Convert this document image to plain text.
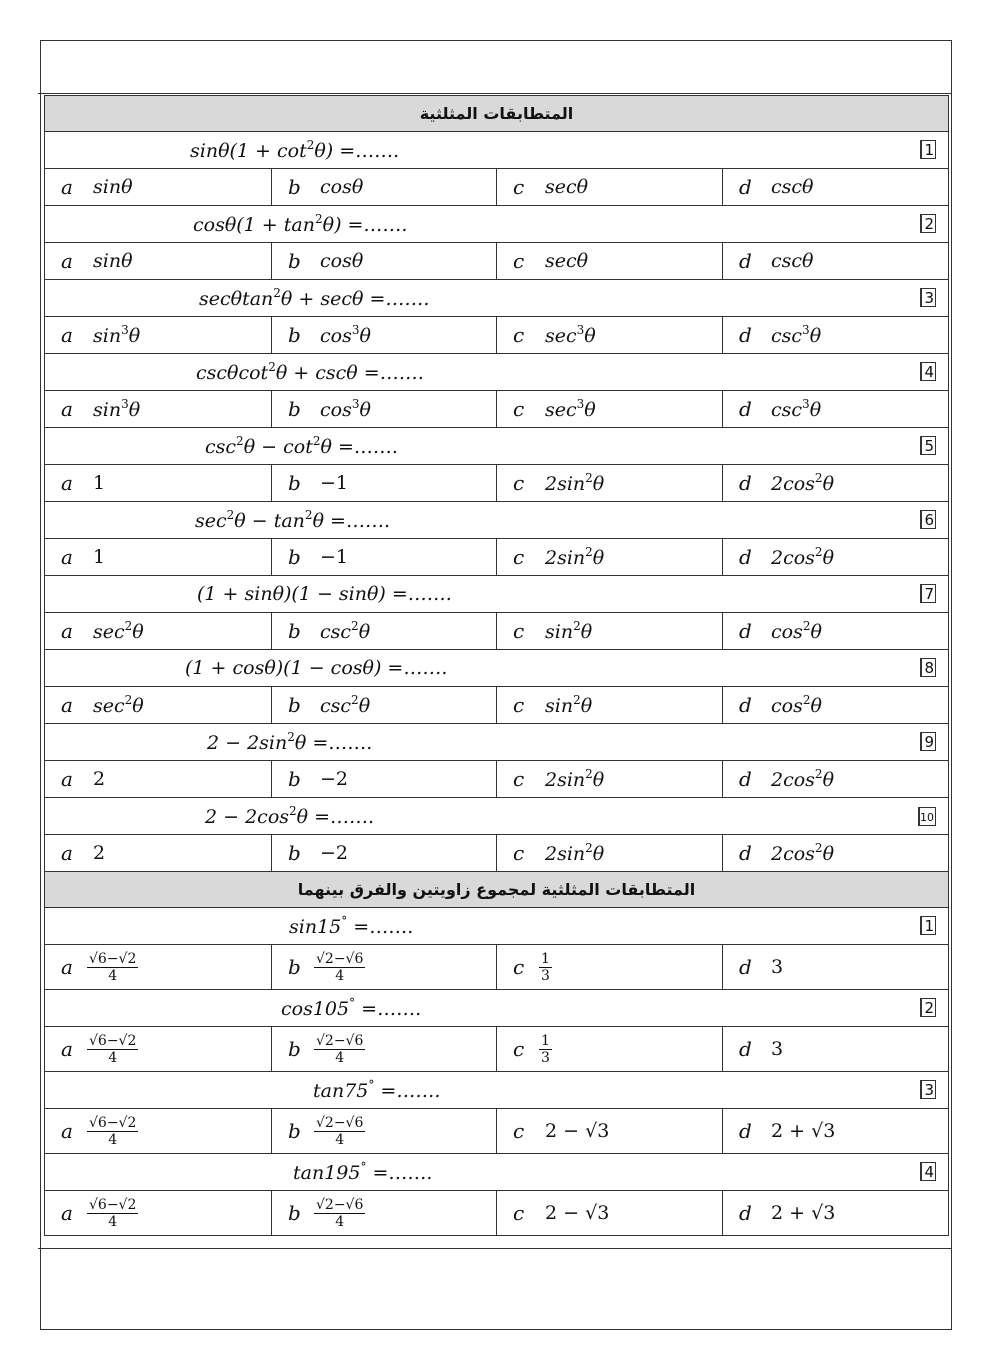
المتطابقات المثلثية			
$\sin\theta(1 + \cot^2\theta)$ =……. 1			

a sinθ	b cosθ	c secθ	d cscθ

$\cos\theta(1 + \tan^2\theta)$ =……. 2			

a sinθ	b cosθ	c secθ	d cscθ

secθtan$^2$θ + secθ =……. 3			

a $\sin^3\theta$	b $\cos^3\theta$	c $\sec^3\theta$	d $\csc^3\theta$

cscθcot$^2$θ + cscθ =……. 4			

a $\sin^3\theta$	b $\cos^3\theta$	c $\sec^3\theta$	d $\csc^3\theta$

$\csc^2\theta - \cot^2\theta$ =……. 5			

a 1	b −1	c $2\sin^2\theta$	d $2\cos^2\theta$

$\sec^2\theta - \tan^2\theta$ =……. 6			

a 1	b −1	c $2\sin^2\theta$	d $2\cos^2\theta$

(1 + sinθ)(1 − sinθ) =……. 7			

a $\sec^2\theta$	b $\csc^2\theta$	c $\sin^2\theta$	d $\cos^2\theta$

(1 + cosθ)(1 − cosθ) =……. 8			

a $\sec^2\theta$	b $\csc^2\theta$	c $\sin^2\theta$	d $\cos^2\theta$

$2 - 2\sin^2\theta$ =……. 9			

a 2	b −2	c $2\sin^2\theta$	d $2\cos^2\theta$

$2 - 2\cos^2\theta$ =……. 10			

a 2	b −2	c $2\sin^2\theta$	d $2\cos^2\theta$

المتطابقات المثلثية لمجموع زاويتين والفرق بينهما			
sin15° =……. 1			

a $\frac{√6-√2}{4}$	b $\frac{√2-√6}{4}$	c $\frac{1}{3}$	d 3

cos105° =……. 2			

a $\frac{√6-√2}{4}$	b $\frac{√2-√6}{4}$	c $\frac{1}{3}$	d 3

tan75° =……. 3			

a $\frac{√6-√2}{4}$	b $\frac{√2-√6}{4}$	c 2 − √3	d 2 + √3

tan195° =……. 4			

a $\frac{√6-√2}{4}$	b $\frac{√2-√6}{4}$	c 2 − √3	d 2 + √3
